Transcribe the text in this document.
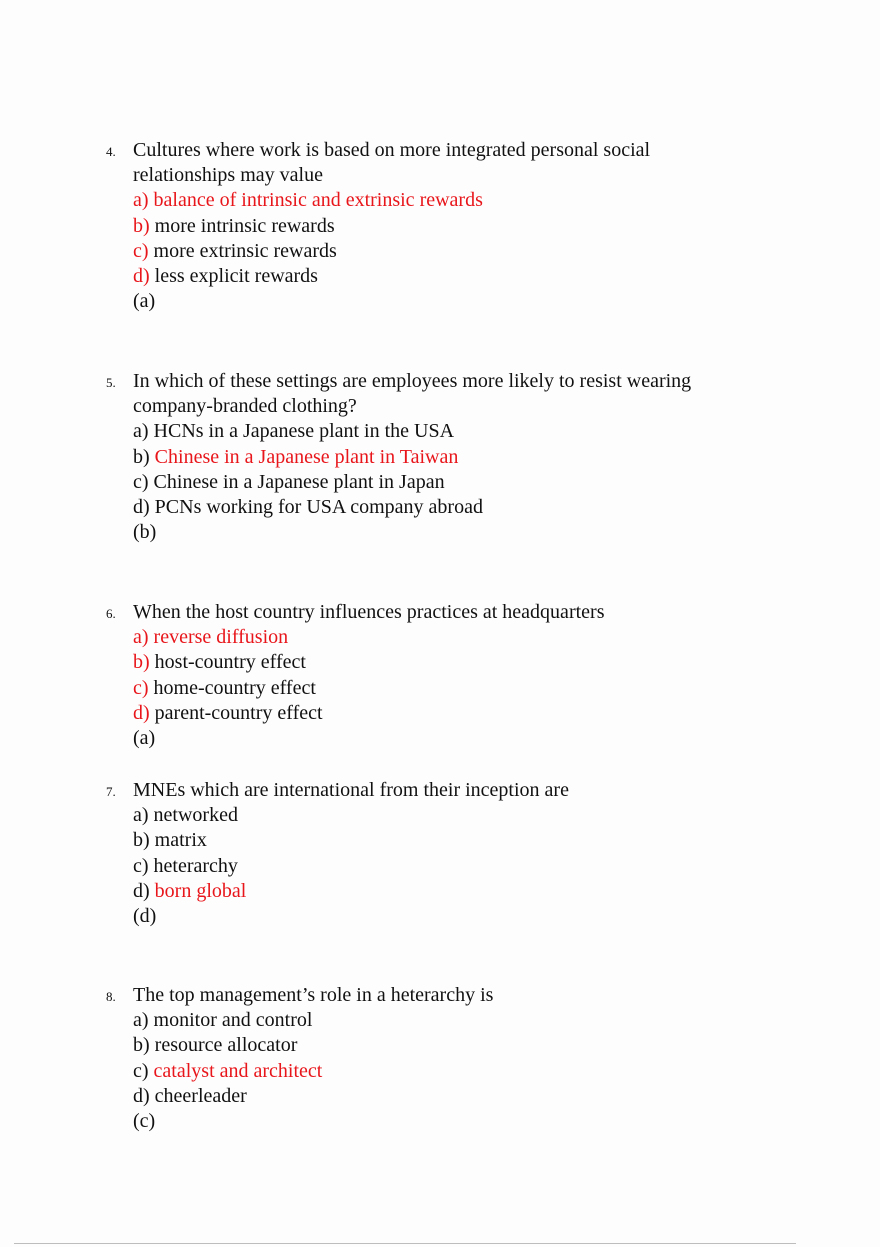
4. Cultures where work is based on more integrated personal social
relationships may value
a) balance of intrinsic and extrinsic rewards
b) more intrinsic rewards
c) more extrinsic rewards
d) less explicit rewards
(a)
5. In which of these settings are employees more likely to resist wearing
company-branded clothing?
a) HCNs in a Japanese plant in the USA
b) Chinese in a Japanese plant in Taiwan
c) Chinese in a Japanese plant in Japan
d) PCNs working for USA company abroad
(b)
6. When the host country influences practices at headquarters
a) reverse diffusion
b) host-country effect
c) home-country effect
d) parent-country effect
(a)
7. MNEs which are international from their inception are
a) networked
b) matrix
c) heterarchy
d) born global
(d)
8. The top management’s role in a heterarchy is
a) monitor and control
b) resource allocator
c) catalyst and architect
d) cheerleader
(c)
